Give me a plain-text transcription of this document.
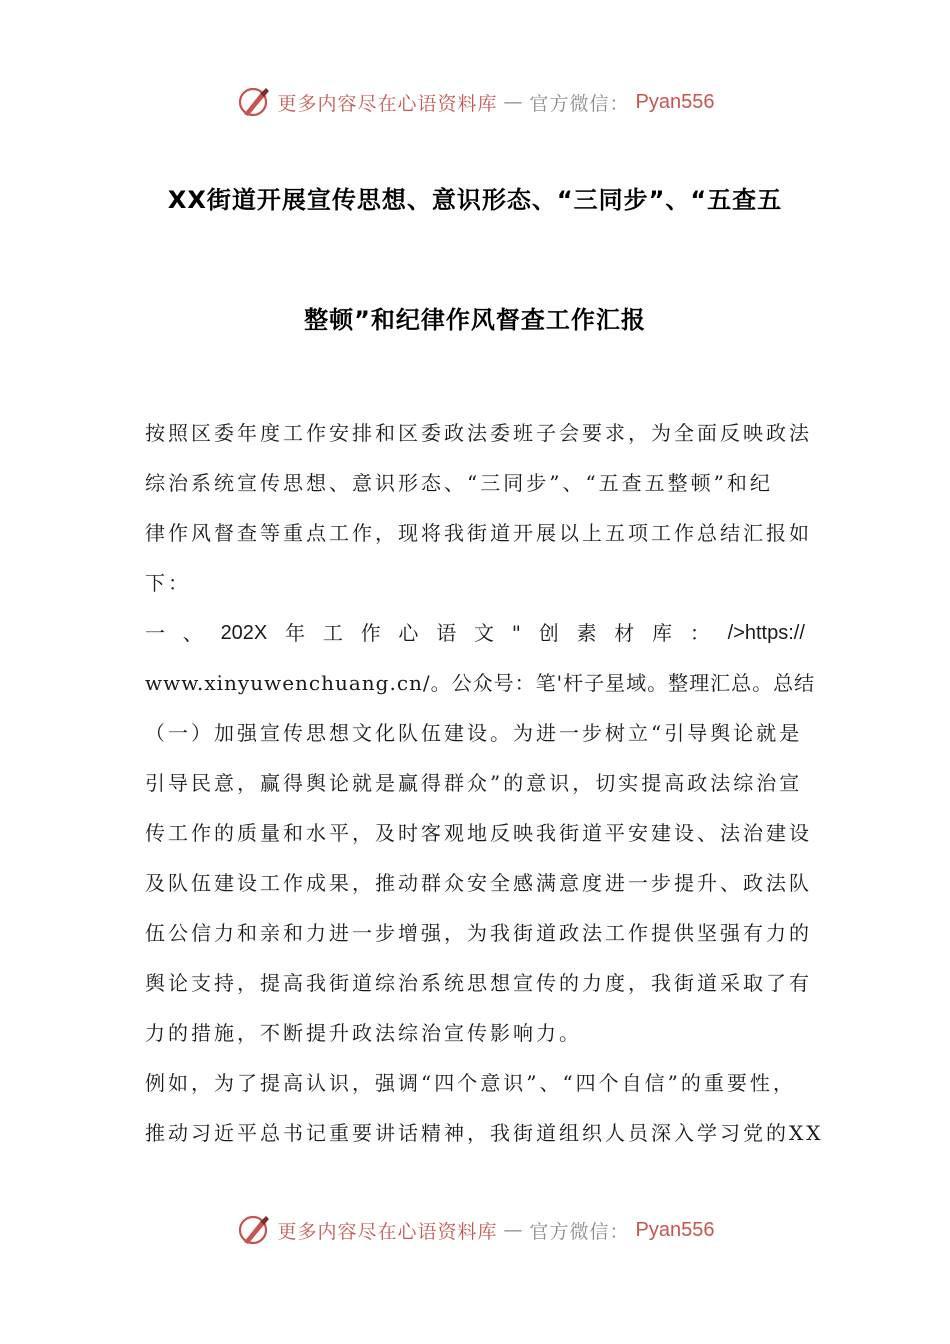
更多内容尽在心语资料库 — 官方微信： Pyan556
XX街道开展宣传思想、意识形态、“三同步”、“五查五
整顿”和纪律作风督查工作汇报
按照区委年度工作安排和区委政法委班子会要求，为全面反映政法
综治系统宣传思想、意识形态、“三同步”、“五查五整顿”和纪
律作风督查等重点工作，现将我街道开展以上五项工作总结汇报如
下：
一 、 202X 年 工 作 心 语 文 " 创 素 材 库 ： />https://
www.xinyuwenchuang.cn/。公众号：笔'杆子星域。整理汇总。总结
（一）加强宣传思想文化队伍建设。为进一步树立“引导舆论就是
引导民意，赢得舆论就是赢得群众”的意识，切实提高政法综治宣
传工作的质量和水平，及时客观地反映我街道平安建设、法治建设
及队伍建设工作成果，推动群众安全感满意度进一步提升、政法队
伍公信力和亲和力进一步增强，为我街道政法工作提供坚强有力的
舆论支持，提高我街道综治系统思想宣传的力度，我街道采取了有
力的措施，不断提升政法综治宣传影响力。
例如，为了提高认识，强调“四个意识”、“四个自信”的重要性，
推动习近平总书记重要讲话精神，我街道组织人员深入学习党的XX
更多内容尽在心语资料库 — 官方微信： Pyan556
